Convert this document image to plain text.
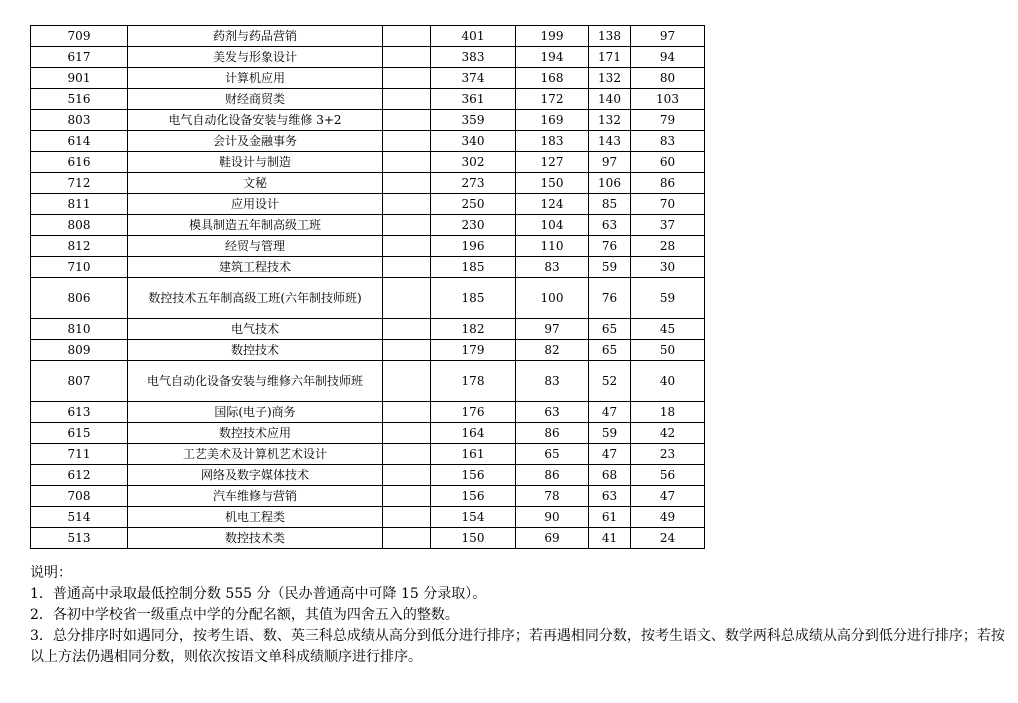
709	药剂与药品营销		401	199	138	97
617	美发与形象设计		383	194	171	94
901	计算机应用		374	168	132	80
516	财经商贸类		361	172	140	103
803	电气自动化设备安装与维修 3+2		359	169	132	79
614	会计及金融事务		340	183	143	83
616	鞋设计与制造		302	127	97	60
712	文秘		273	150	106	86
811	应用设计		250	124	85	70
808	模具制造五年制高级工班		230	104	63	37
812	经贸与管理		196	110	76	28
710	建筑工程技术		185	83	59	30
806	数控技术五年制高级工班(六年制技师班)		185	100	76	59
810	电气技术		182	97	65	45
809	数控技术		179	82	65	50
807	电气自动化设备安装与维修六年制技师班		178	83	52	40
613	国际(电子)商务		176	63	47	18
615	数控技术应用		164	86	59	42
711	工艺美术及计算机艺术设计		161	65	47	23
612	网络及数字媒体技术		156	86	68	56
708	汽车维修与营销		156	78	63	47
514	机电工程类		154	90	61	49
513	数控技术类		150	69	41	24

说明：

1．普通高中录取最低控制分数 555 分（民办普通高中可降 15 分录取）。

2．各初中学校省一级重点中学的分配名额，其值为四舍五入的整数。

3．总分排序时如遇同分，按考生语、数、英三科总成绩从高分到低分进行排序；若再遇相同分数，按考生语文、数学两科总成绩从高分到低分进行排序；若按以上方法仍遇相同分数，则依次按语文单科成绩顺序进行排序。
